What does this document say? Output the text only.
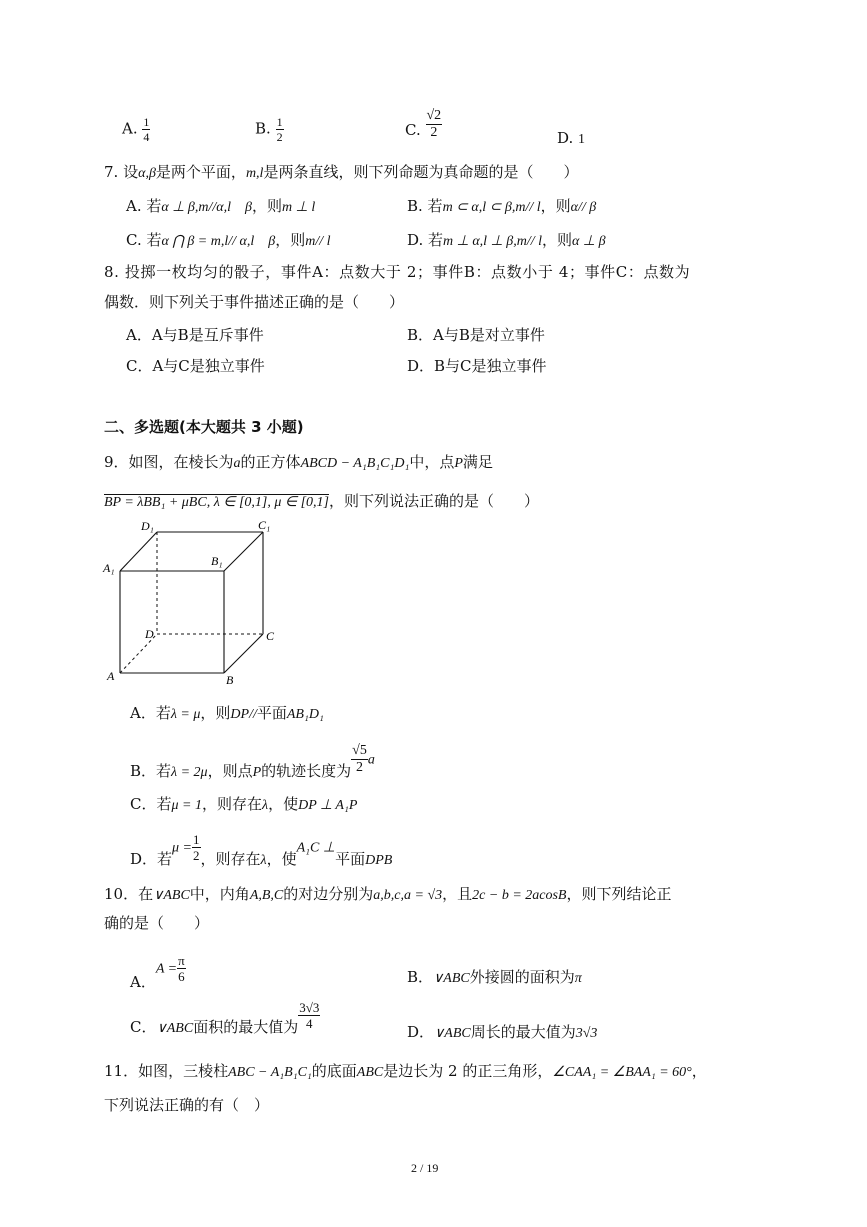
A. $\frac{1}{4}$	B. $\frac{1}{2}$	C. $\frac{√2}{2}$	D. 1
7. 设α,β是两个平面，m,l是两条直线，则下列命题为真命题的是（　　）
A. 若α ⊥ β,m//α,l　β，则m ⊥ l	B. 若m ⊂ α,l ⊂ β,m// l，则α// β
C. 若α ⋂ β = m,l// α,l　β，则m// l	D. 若m ⊥ α,l ⊥ β,m// l，则α ⊥ β
8. 投掷一枚均匀的骰子，事件A：点数大于 2；事件B：点数小于 4；事件C：点数为
偶数．则下列关于事件描述正确的是（　　）
A．A与B是互斥事件	B．A与B是对立事件
C．A与C是独立事件	D．B与C是独立事件
二、多选题(本大题共 3 小题)
9．如图，在棱长为a的正方体ABCD − A₁B₁C₁D₁中，点P满足
BP = λBB₁ + μBC, λ ∈ [0,1], μ ∈ [0,1]，则下列说法正确的是（　　）
D₁	C₁
A₁	B₁
D	C
A	B
A．若λ = μ，则DP//平面AB₁D₁
B．若λ = 2μ，则点P的轨迹长度为 $\frac{√5}{2}$ a
C．若μ = 1，则存在λ，使DP ⊥ A₁P
D．若$\mu = \frac{1}{2}$ ，则存在λ，使A₁C ⊥平面DPB
10．在∨ABC中，内角A,B,C的对边分别为a,b,c,a = √3，且2c − b = 2acosB，则下列结论正
确的是（　　）
A．$A = \frac{\pi}{6}$	B．∨ABC外接圆的面积为π
C．∨ABC面积的最大值为 $\frac{3√3}{4}$
D．∨ABC周长的最大值为3√3
11．如图，三棱柱ABC − A₁B₁C₁的底面ABC是边长为 2 的正三角形，∠CAA₁ = ∠BAA₁ = 60°，
下列说法正确的有（　）
2 / 19
